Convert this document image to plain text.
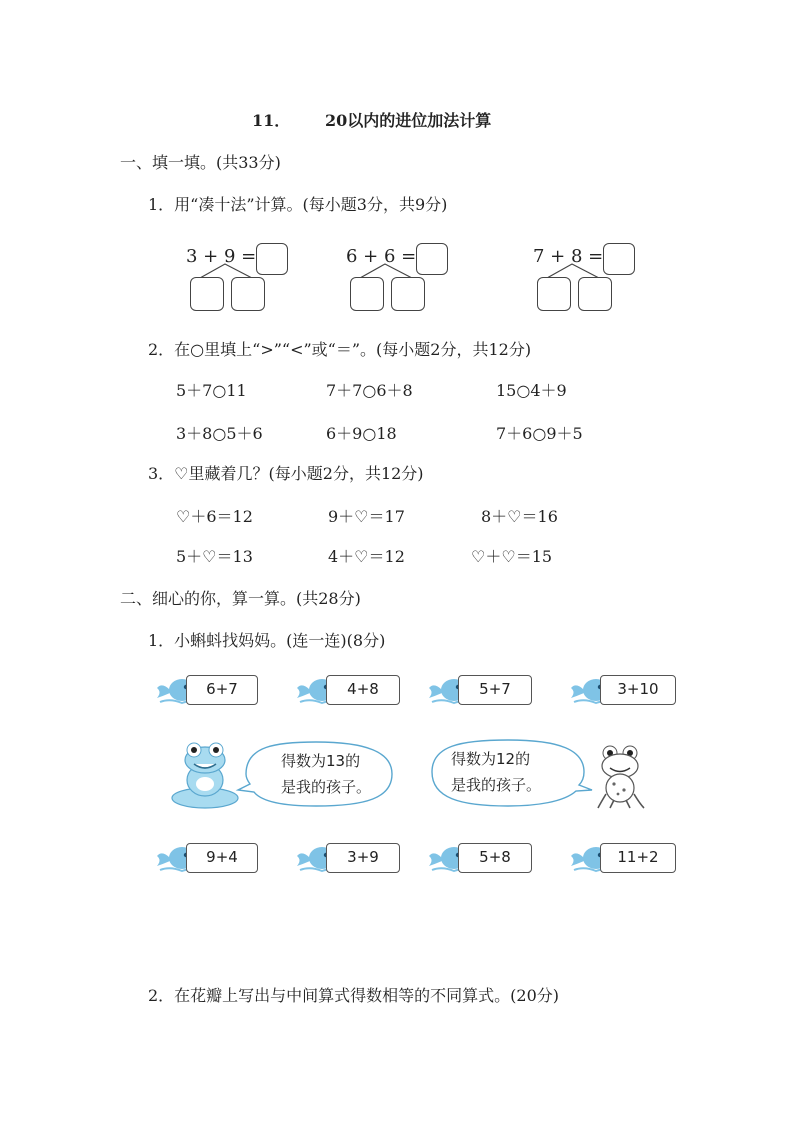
11． 20以内的进位加法计算
一、填一填。(共33分)
1．用“凑十法”计算。(每小题3分，共9分)
3 + 9 =	6 + 6 =	7 + 8 =
2．在○里填上“>”“<”或“＝”。(每小题2分，共12分)
5＋7○11	7＋7○6＋8	15○4＋9
3＋8○5＋6	6＋9○18	7＋6○9＋5
3．♡里藏着几？(每小题2分，共12分)
♡＋6＝12	9＋♡＝17	8＋♡＝16
5＋♡＝13	4＋♡＝12	♡＋♡＝15
二、细心的你，算一算。(共28分)
1．小蝌蚪找妈妈。(连一连)(8分)
6+7	4+8	5+7	3+10
得数为13的
是我的孩子。
得数为12的
是我的孩子。
9+4	3+9	5+8	11+2
2．在花瓣上写出与中间算式得数相等的不同算式。(20分)
